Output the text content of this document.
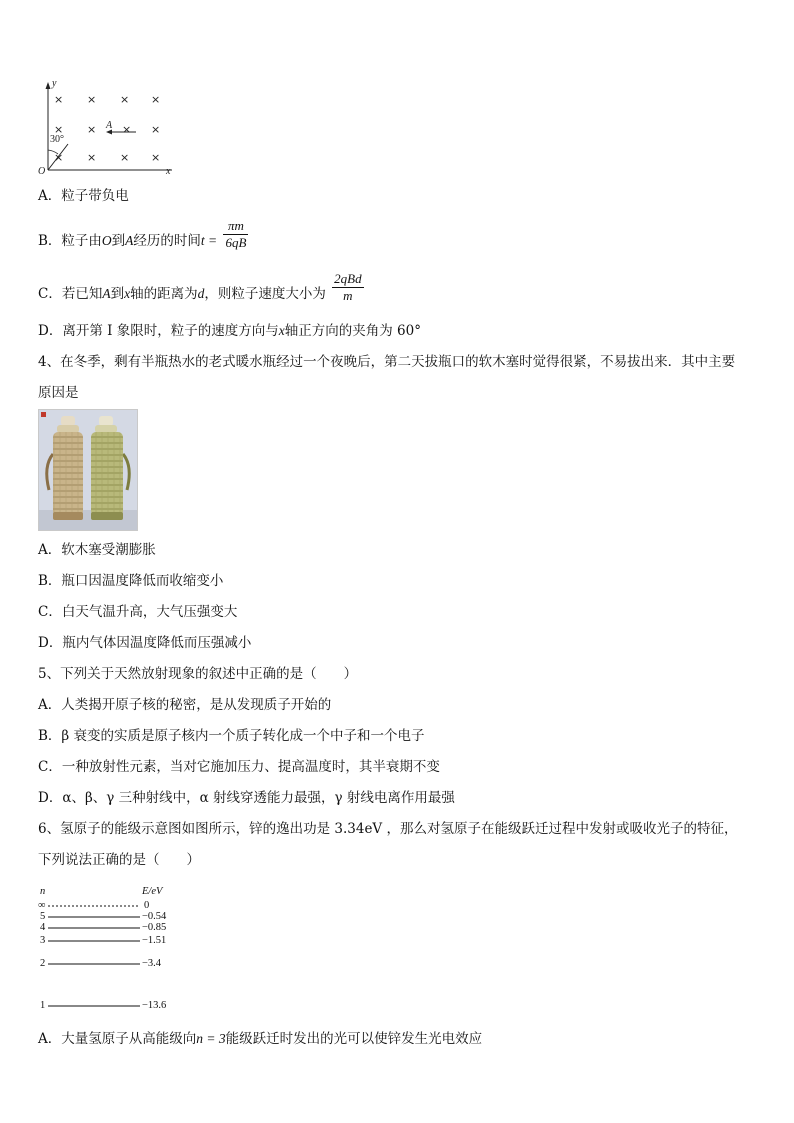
y
x
O
30°
A
× × × ×
× × × ×
× × × ×
A．粒子带负电
B．粒子由O到A经历的时间$t = \frac{\pi m}{6qB}$
C．若已知A到x轴的距离为d，则粒子速度大小为 $\frac{\text{2qBd}}{m}$
D．离开第 I 象限时，粒子的速度方向与x轴正方向的夹角为 60°
4、在冬季，剩有半瓶热水的老式暖水瓶经过一个夜晚后，第二天拔瓶口的软木塞时觉得很紧，不易拔出来．其中主要
原因是
A．软木塞受潮膨胀
B．瓶口因温度降低而收缩变小
C．白天气温升高，大气压强变大
D．瓶内气体因温度降低而压强减小
5、下列关于天然放射现象的叙述中正确的是（　　）
A．人类揭开原子核的秘密，是从发现质子开始的
B．β 衰变的实质是原子核内一个质子转化成一个中子和一个电子
C．一种放射性元素，当对它施加压力、提高温度时，其半衰期不变
D．α、β、γ 三种射线中，α 射线穿透能力最强，γ 射线电离作用最强
6、氢原子的能级示意图如图所示，锌的逸出功是 3.34eV ，那么对氢原子在能级跃迁过程中发射或吸收光子的特征，
下列说法正确的是（　　）
n	E/eV
∞	0
5	−0.54
4	−0.85
3	−1.51
2	−3.4
1	−13.6
A．大量氢原子从高能级向n = 3能级跃迁时发出的光可以使锌发生光电效应
